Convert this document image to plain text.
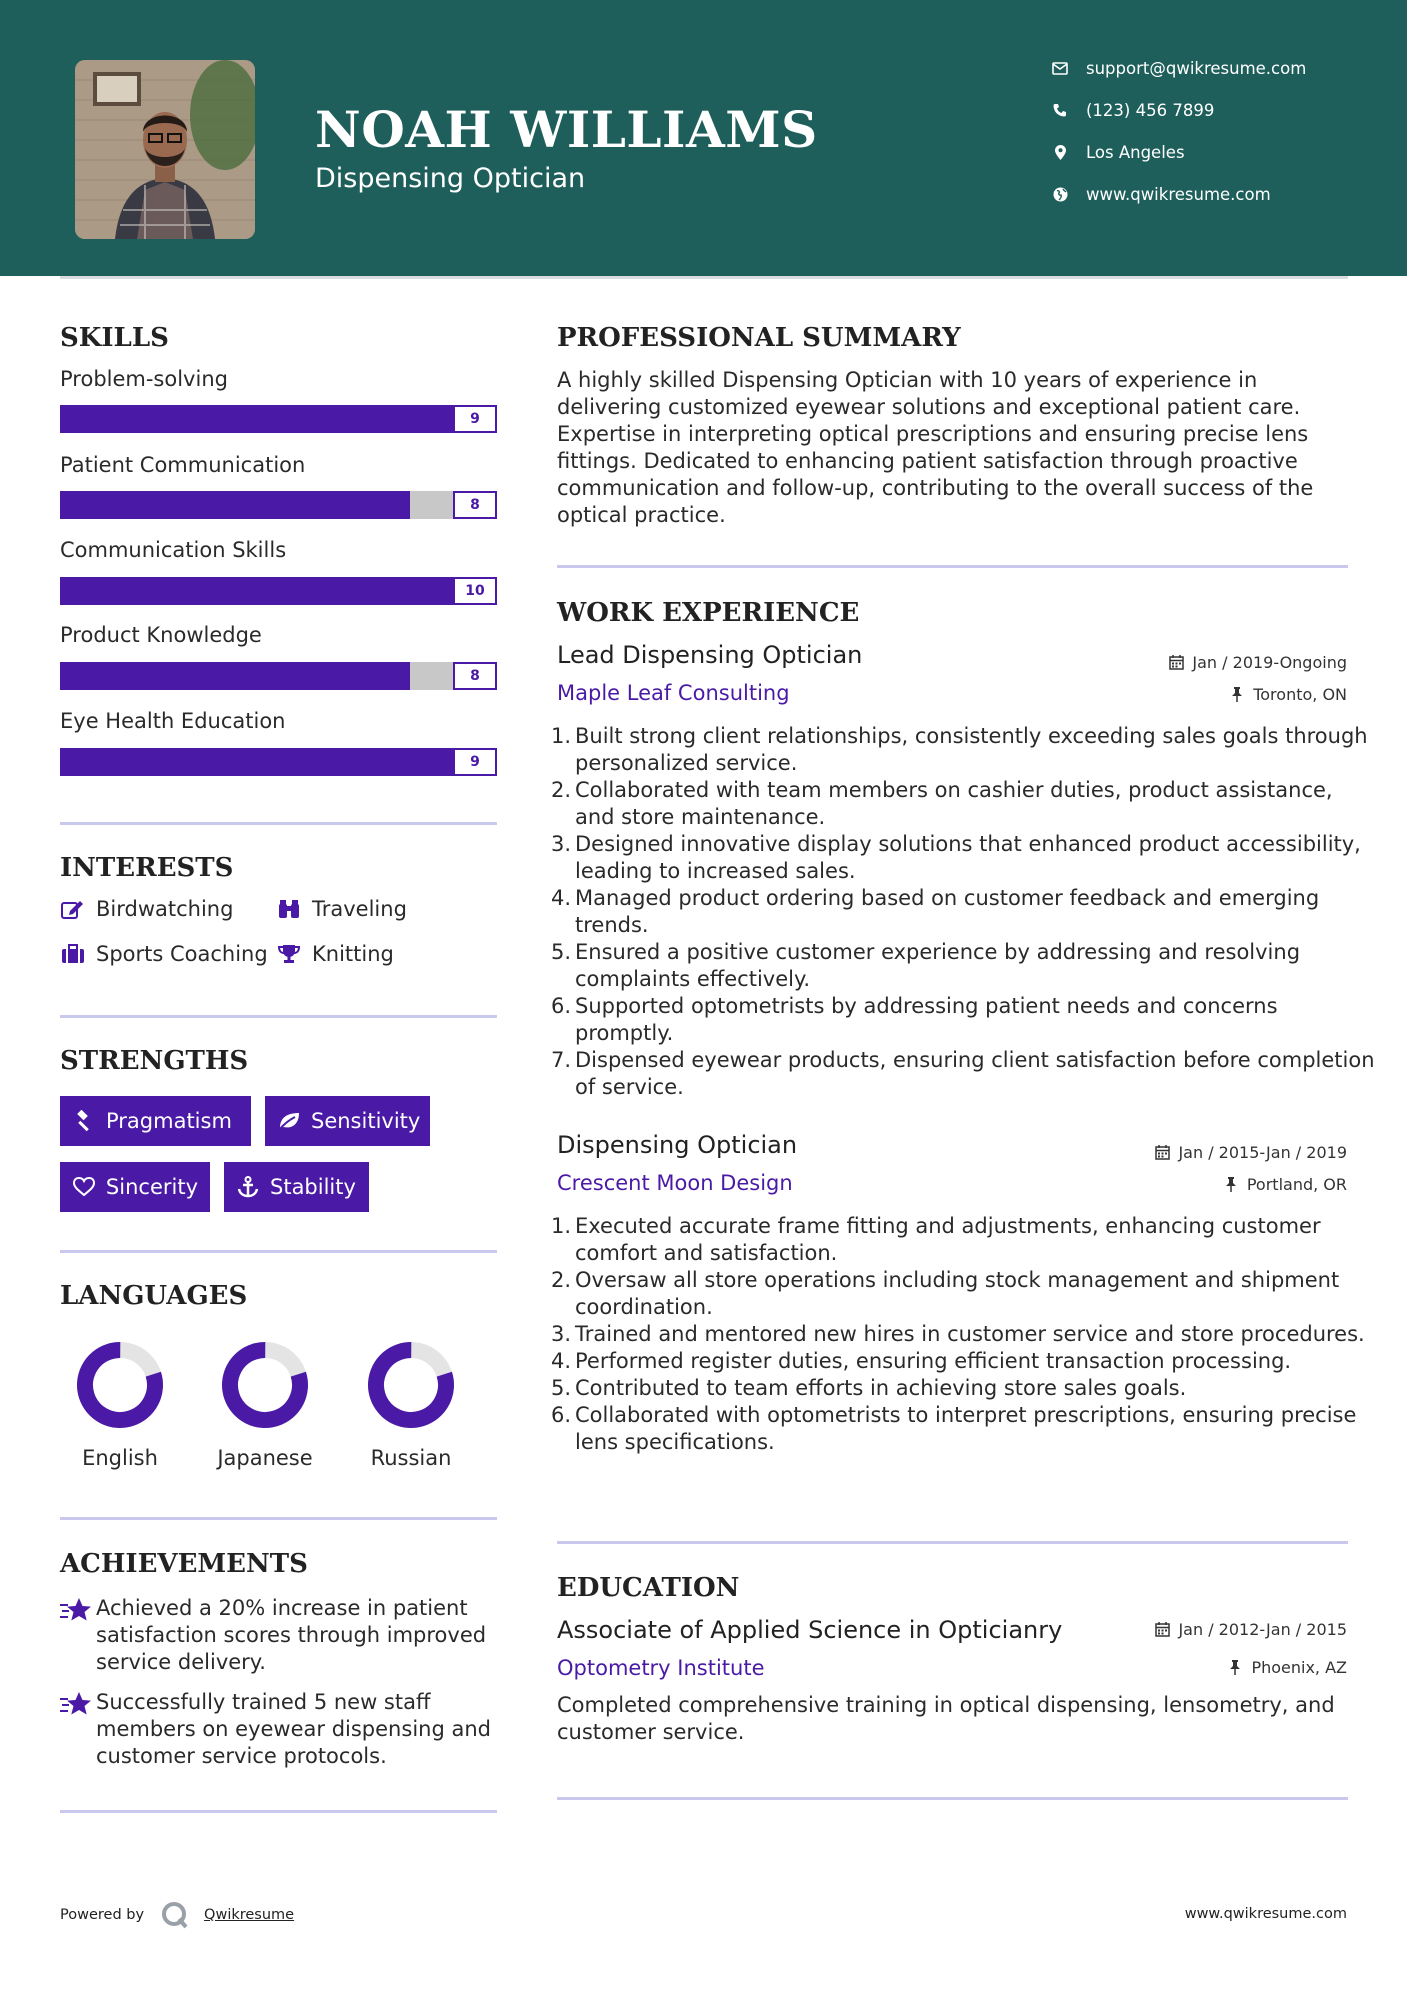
NOAH WILLIAMS
Dispensing Optician
support@qwikresume.com
(123) 456 7899
Los Angeles
www.qwikresume.com
SKILLS
Problem-solving
9
Patient Communication
8
Communication Skills
10
Product Knowledge
8
Eye Health Education
9
INTERESTS
Birdwatching	Traveling
Sports Coaching Knitting
STRENGTHS
Pragmatism	Sensitivity
Sincerity	Stability
LANGUAGES
English	Japanese	Russian
ACHIEVEMENTS
Achieved a 20% increase in patient satisfaction scores through improved service delivery.
Successfully trained 5 new staff members on eyewear dispensing and customer service protocols.
PROFESSIONAL SUMMARY
A highly skilled Dispensing Optician with 10 years of experience in delivering customized eyewear solutions and exceptional patient care. Expertise in interpreting optical prescriptions and ensuring precise lens fittings. Dedicated to enhancing patient satisfaction through proactive communication and follow-up, contributing to the overall success of the optical practice.
WORK EXPERIENCE
Lead Dispensing Optician	Jan / 2019-Ongoing
Maple Leaf Consulting	Toronto, ON
Built strong client relationships, consistently exceeding sales goals through personalized service.
Collaborated with team members on cashier duties, product assistance, and store maintenance.
Designed innovative display solutions that enhanced product accessibility, leading to increased sales.
Managed product ordering based on customer feedback and emerging trends.
Ensured a positive customer experience by addressing and resolving complaints effectively.
Supported optometrists by addressing patient needs and concerns promptly.
Dispensed eyewear products, ensuring client satisfaction before completion of service.
Dispensing Optician	Jan / 2015-Jan / 2019
Crescent Moon Design	Portland, OR
Executed accurate frame fitting and adjustments, enhancing customer comfort and satisfaction.
Oversaw all store operations including stock management and shipment coordination.
Trained and mentored new hires in customer service and store procedures.
Performed register duties, ensuring efficient transaction processing.
Contributed to team efforts in achieving store sales goals.
Collaborated with optometrists to interpret prescriptions, ensuring precise lens specifications.
EDUCATION
Associate of Applied Science in Opticianry	Jan / 2012-Jan / 2015
Optometry Institute	Phoenix, AZ
Completed comprehensive training in optical dispensing, lensometry, and customer service.
Powered by	Qwikresume	www.qwikresume.com
